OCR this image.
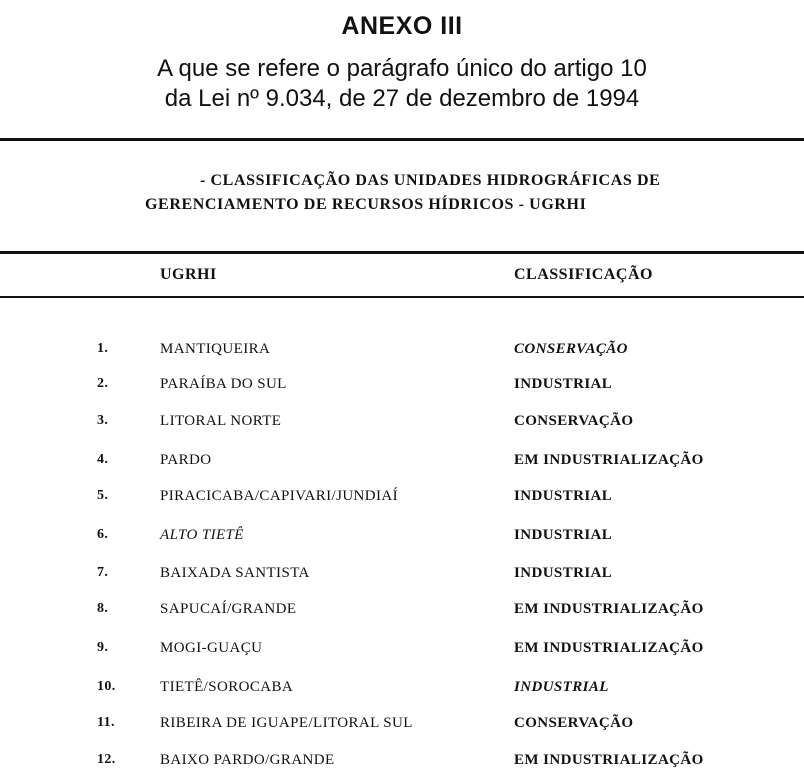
ANEXO III
A que se refere o parágrafo único do artigo 10
da Lei nº 9.034, de 27 de dezembro de 1994
- CLASSIFICAÇÃO DAS UNIDADES HIDROGRÁFICAS DE
GERENCIAMENTO DE RECURSOS HÍDRICOS - UGRHI
UGRHI	CLASSIFICAÇÃO
1.	MANTIQUEIRA	CONSERVAÇÃO
2.	PARAÍBA DO SUL	INDUSTRIAL
3.	LITORAL NORTE	CONSERVAÇÃO
4.	PARDO	EM INDUSTRIALIZAÇÃO
5.	PIRACICABA/CAPIVARI/JUNDIAÍ	INDUSTRIAL
6.	ALTO TIETÊ	INDUSTRIAL
7.	BAIXADA SANTISTA	INDUSTRIAL
8.	SAPUCAÍ/GRANDE	EM INDUSTRIALIZAÇÃO
9.	MOGI-GUAÇU	EM INDUSTRIALIZAÇÃO
10.	TIETÊ/SOROCABA	INDUSTRIAL
11.	RIBEIRA DE IGUAPE/LITORAL SUL	CONSERVAÇÃO
12.	BAIXO PARDO/GRANDE	EM INDUSTRIALIZAÇÃO
